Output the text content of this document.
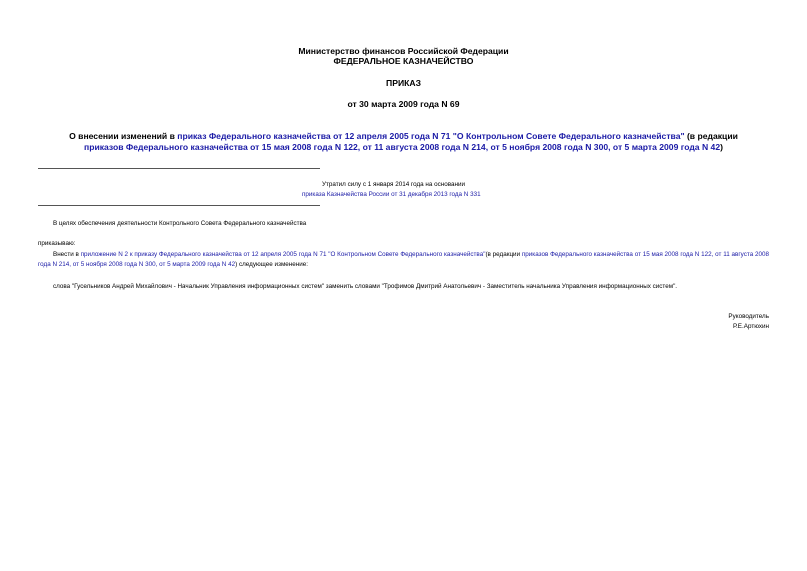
Министерство финансов Российской Федерации
ФЕДЕРАЛЬНОЕ КАЗНАЧЕЙСТВО
ПРИКАЗ
от 30 марта 2009 года N 69
О внесении изменений в приказ Федерального казначейства от 12 апреля 2005 года N 71 "О Контрольном Совете Федерального казначейства" (в редакции
приказов Федерального казначейства от 15 мая 2008 года N 122, от 11 августа 2008 года N 214, от 5 ноября 2008 года N 300, от 5 марта 2009 года N 42)
Утратил силу с 1 января 2014 года на основании
приказа Казначейства России от 31 декабря 2013 года N 331
В целях обеспечения деятельности Контрольного Совета Федерального казначейства
приказываю:
Внести в приложение N 2 к приказу Федерального казначейства от 12 апреля 2005 года N 71 "О Контрольном Совете Федерального казначейства"(в редакции приказов Федерального казначейства от 15 мая 2008 года N 122, от 11 августа 2008 года N 214, от 5 ноября 2008 года N 300, от 5 марта 2009 года N 42) следующее изменение:
слова "Гусельников Андрей Михайлович - Начальник Управления информационных систем" заменить словами "Трофимов Дмитрий Анатольевич - Заместитель начальника Управления информационных систем".
Руководитель
Р.Е.Артюхин
